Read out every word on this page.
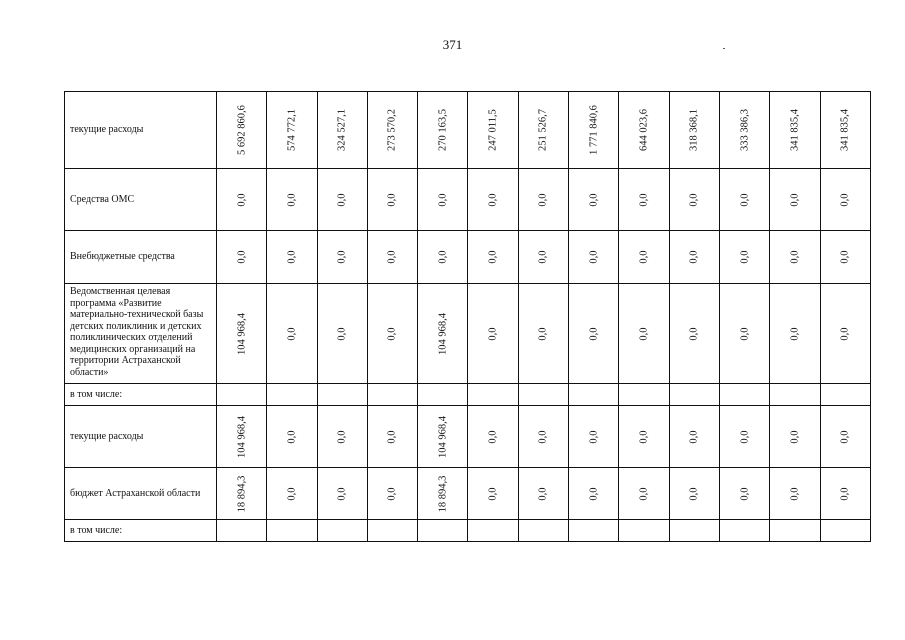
371
текущие расходы	5 692 860,6	574 772,1	324 527,1	273 570,2	270 163,5	247 011,5	251 526,7	1 771 840,6	644 023,6	318 368,1	333 386,3	341 835,4	341 835,4

Средства ОМС	0,0	0,0	0,0	0,0	0,0	0,0	0,0	0,0	0,0	0,0	0,0	0,0	0,0

Внебюджетные средства	0,0	0,0	0,0	0,0	0,0	0,0	0,0	0,0	0,0	0,0	0,0	0,0	0,0

Ведомственная целевая программа «Развитие материально-технической базы детских поликлиник и детских поликлинических отделений медицинских организаций на территории Астраханской области»	104 968,4	0,0	0,0	0,0	104 968,4	0,0	0,0	0,0	0,0	0,0	0,0	0,0	0,0

в том числе:	

текущие расходы	104 968,4	0,0	0,0	0,0	104 968,4	0,0	0,0	0,0	0,0	0,0	0,0	0,0	0,0

бюджет Астраханской области	18 894,3	0,0	0,0	0,0	18 894,3	0,0	0,0	0,0	0,0	0,0	0,0	0,0	0,0

в том числе:	
